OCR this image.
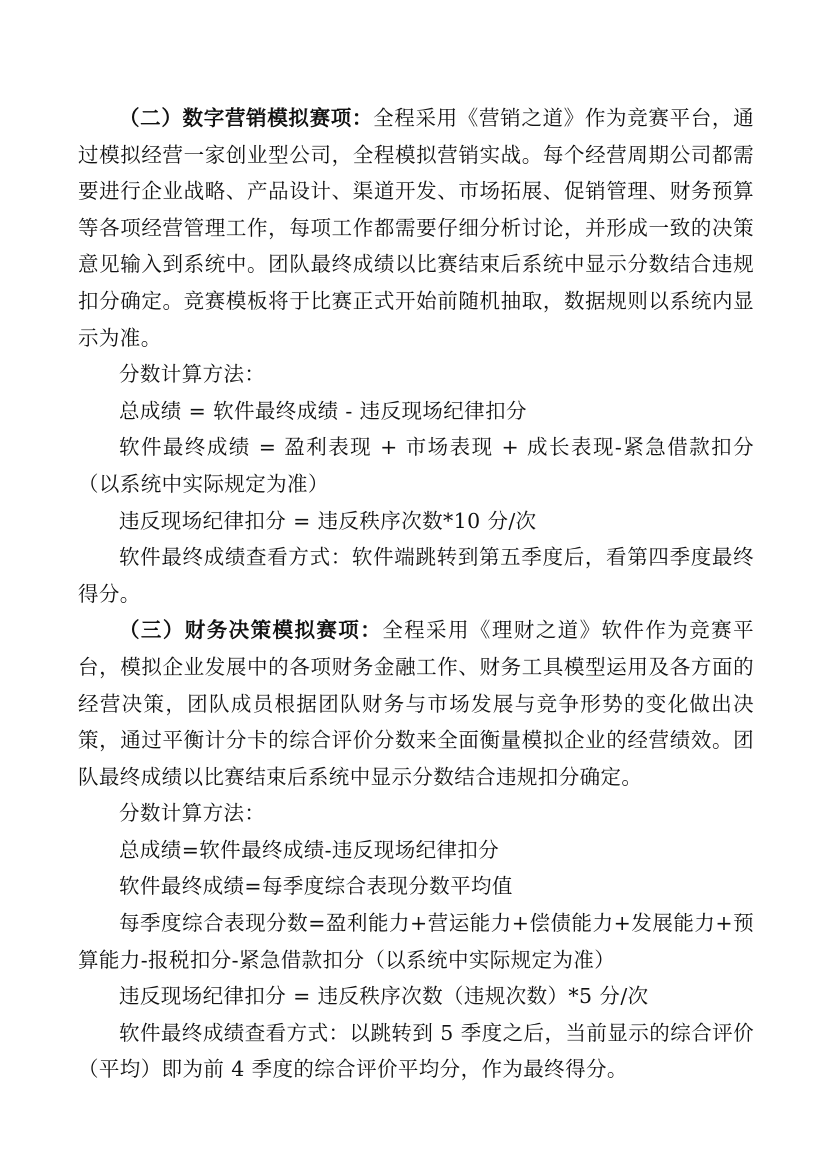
（二）数字营销模拟赛项：全程采用《营销之道》作为竞赛平台，通过模拟经营一家创业型公司，全程模拟营销实战。每个经营周期公司都需要进行企业战略、产品设计、渠道开发、市场拓展、促销管理、财务预算等各项经营管理工作，每项工作都需要仔细分析讨论，并形成一致的决策意见输入到系统中。团队最终成绩以比赛结束后系统中显示分数结合违规扣分确定。竞赛模板将于比赛正式开始前随机抽取，数据规则以系统内显示为准。

分数计算方法：

总成绩 = 软件最终成绩 - 违反现场纪律扣分

软件最终成绩 = 盈利表现 + 市场表现 + 成长表现-紧急借款扣分（以系统中实际规定为准）

违反现场纪律扣分 = 违反秩序次数*10 分/次

软件最终成绩查看方式：软件端跳转到第五季度后，看第四季度最终得分。

（三）财务决策模拟赛项：全程采用《理财之道》软件作为竞赛平台，模拟企业发展中的各项财务金融工作、财务工具模型运用及各方面的经营决策，团队成员根据团队财务与市场发展与竞争形势的变化做出决策，通过平衡计分卡的综合评价分数来全面衡量模拟企业的经营绩效。团队最终成绩以比赛结束后系统中显示分数结合违规扣分确定。

分数计算方法：

总成绩=软件最终成绩-违反现场纪律扣分

软件最终成绩=每季度综合表现分数平均值

每季度综合表现分数=盈利能力+营运能力+偿债能力+发展能力+预算能力-报税扣分-紧急借款扣分（以系统中实际规定为准）

违反现场纪律扣分 = 违反秩序次数（违规次数）*5 分/次

软件最终成绩查看方式：以跳转到 5 季度之后，当前显示的综合评价（平均）即为前 4 季度的综合评价平均分，作为最终得分。
